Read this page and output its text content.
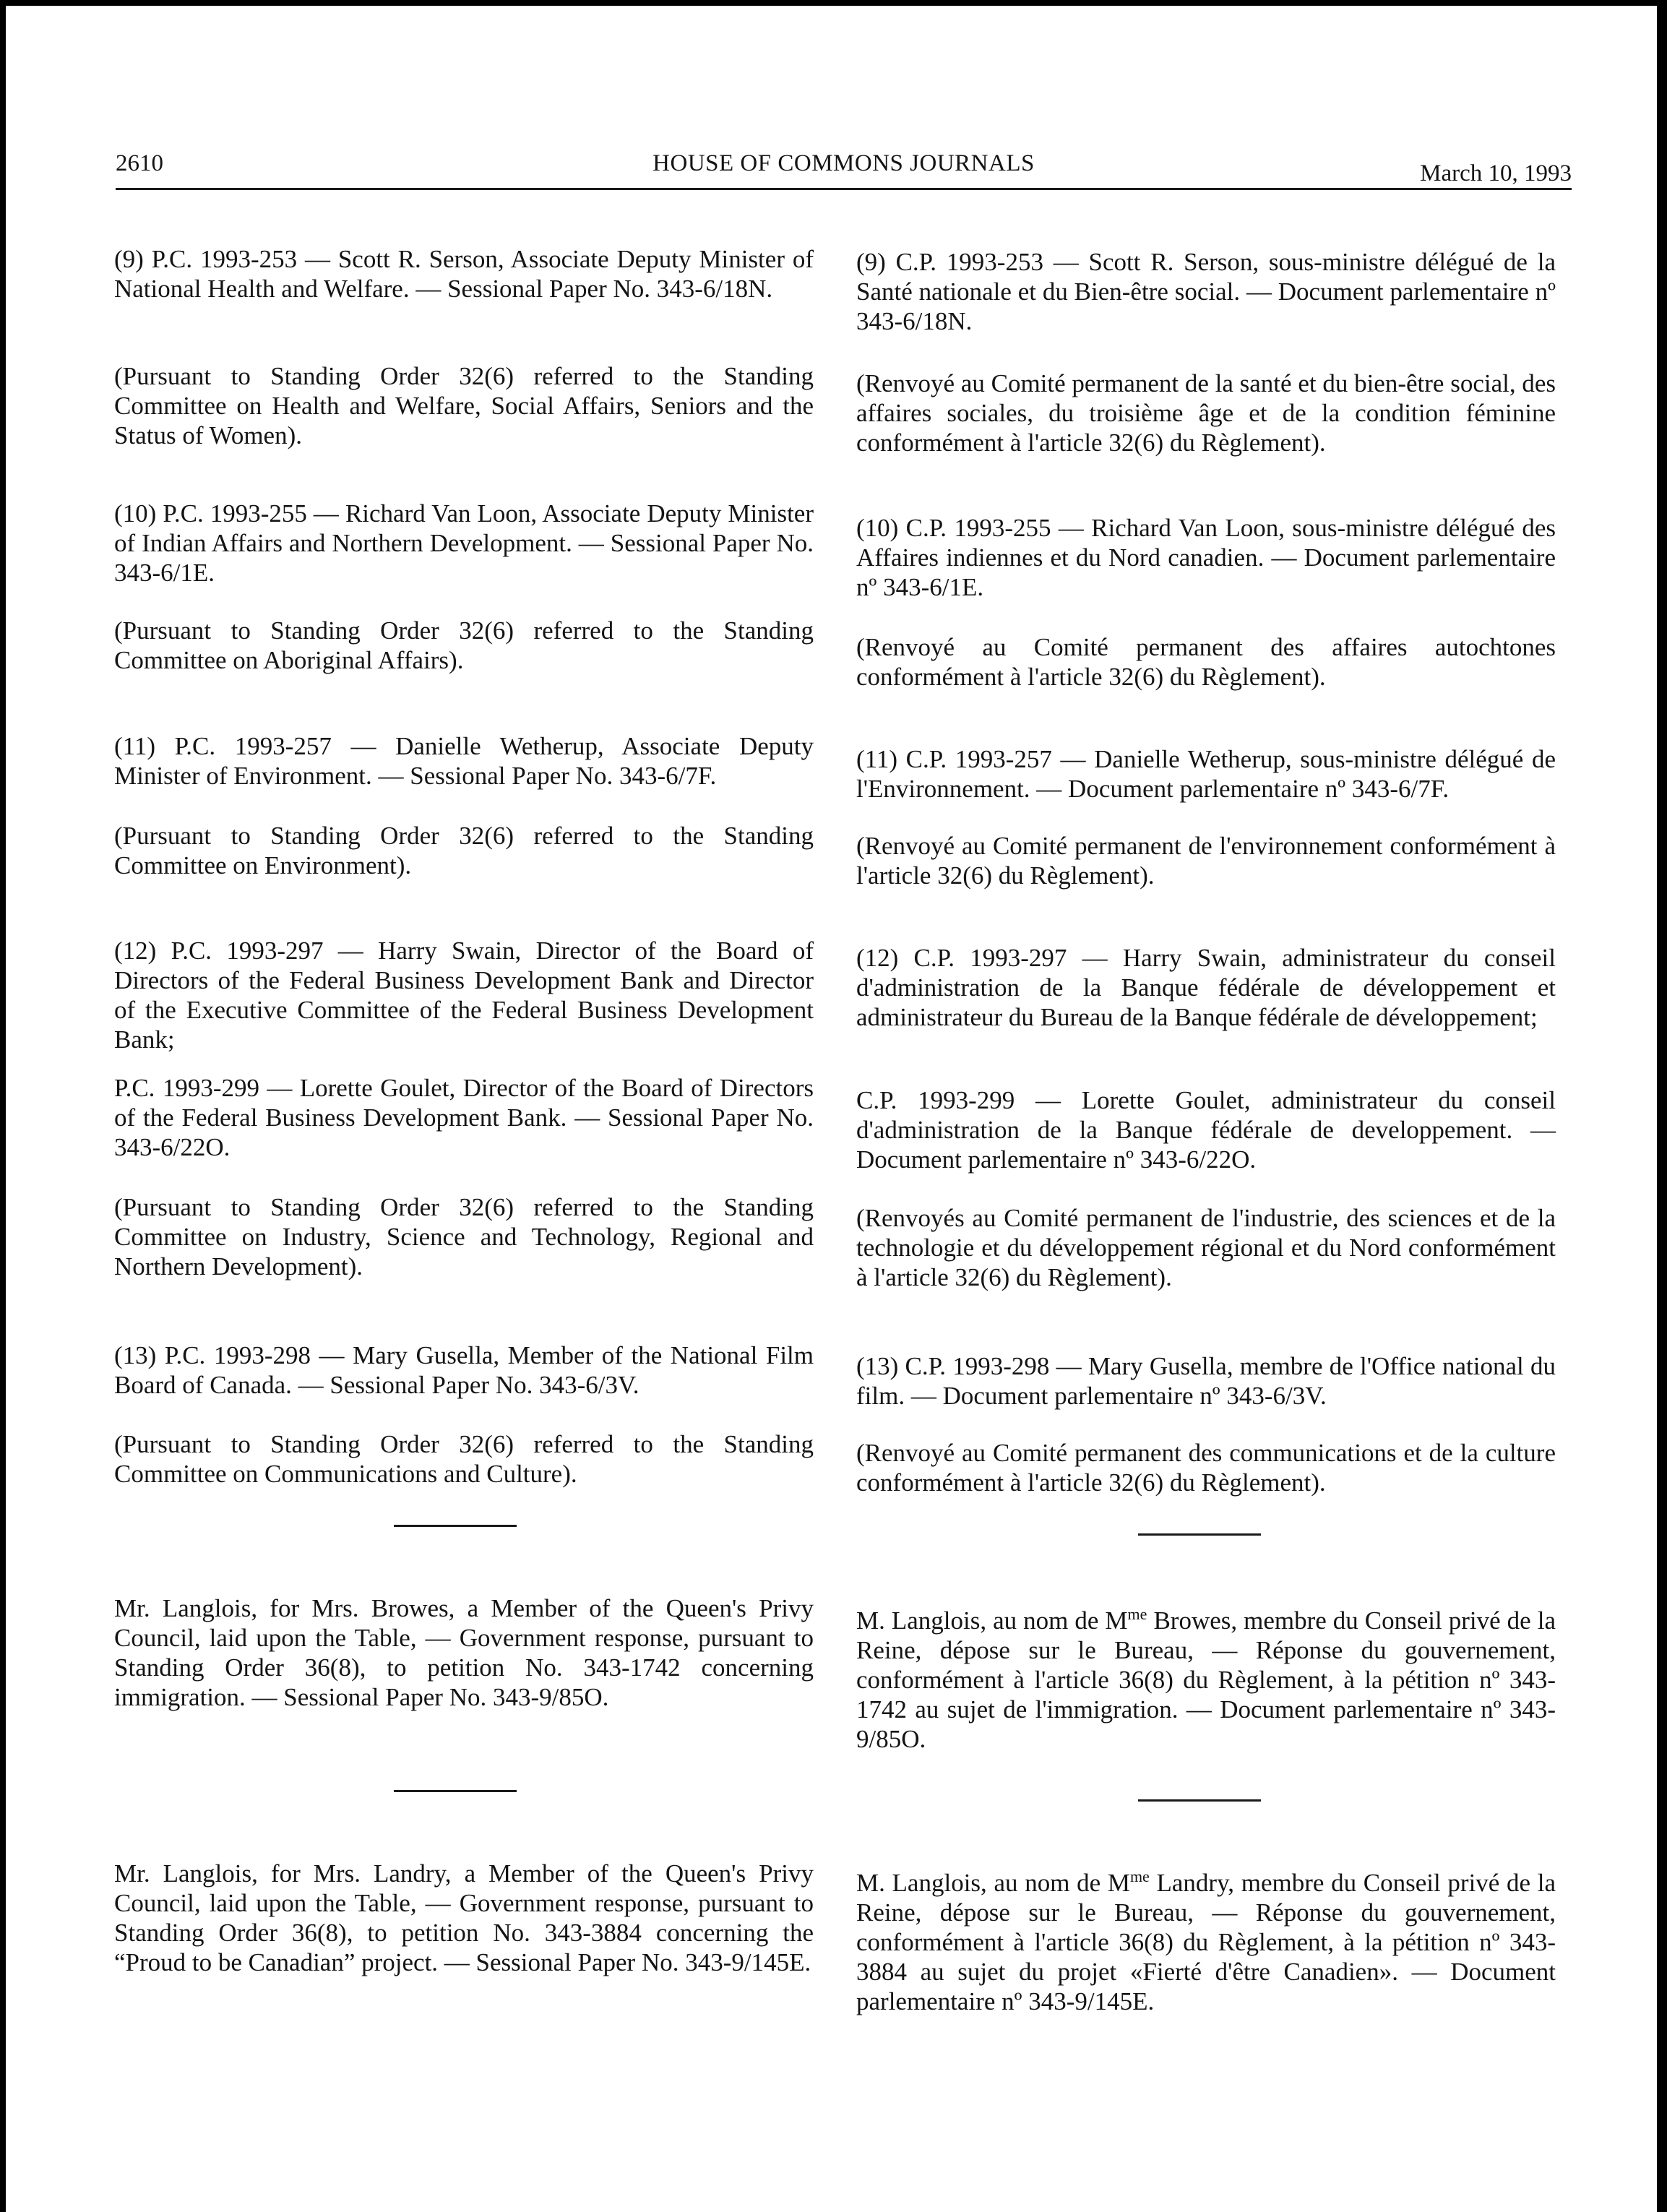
2610	HOUSE OF COMMONS JOURNALS	March 10, 1993

(9) P.C. 1993-253 — Scott R. Serson, Associate Deputy Minister of National Health and Welfare. — Sessional Paper No. 343-6/18N.

(Pursuant to Standing Order 32(6) referred to the Standing Committee on Health and Welfare, Social Affairs, Seniors and the Status of Women).

(10) P.C. 1993-255 — Richard Van Loon, Associate Deputy Minister of Indian Affairs and Northern Development. — Sessional Paper No. 343-6/1E.

(Pursuant to Standing Order 32(6) referred to the Standing Committee on Aboriginal Affairs).

(11) P.C. 1993-257 — Danielle Wetherup, Associate Deputy Minister of Environment. — Sessional Paper No. 343-6/7F.

(Pursuant to Standing Order 32(6) referred to the Standing Committee on Environment).

(12) P.C. 1993-297 — Harry Swain, Director of the Board of Directors of the Federal Business Development Bank and Director of the Executive Committee of the Federal Business Development Bank;

P.C. 1993-299 — Lorette Goulet, Director of the Board of Directors of the Federal Business Development Bank. — Sessional Paper No. 343-6/22O.

(Pursuant to Standing Order 32(6) referred to the Standing Committee on Industry, Science and Technology, Regional and Northern Development).

(13) P.C. 1993-298 — Mary Gusella, Member of the National Film Board of Canada. — Sessional Paper No. 343-6/3V.

(Pursuant to Standing Order 32(6) referred to the Standing Committee on Communications and Culture).

Mr. Langlois, for Mrs. Browes, a Member of the Queen's Privy Council, laid upon the Table, — Government response, pursuant to Standing Order 36(8), to petition No. 343-1742 concerning immigration. — Sessional Paper No. 343-9/85O.

Mr. Langlois, for Mrs. Landry, a Member of the Queen's Privy Council, laid upon the Table, — Government response, pursuant to Standing Order 36(8), to petition No. 343-3884 concerning the “Proud to be Canadian” project. — Sessional Paper No. 343-9/145E.

(9) C.P. 1993-253 — Scott R. Serson, sous-ministre délégué de la Santé nationale et du Bien-être social. — Document parlementaire nº 343-6/18N.

(Renvoyé au Comité permanent de la santé et du bien-être social, des affaires sociales, du troisième âge et de la condition féminine conformément à l'article 32(6) du Règlement).

(10) C.P. 1993-255 — Richard Van Loon, sous-ministre délégué des Affaires indiennes et du Nord canadien. — Document parlementaire nº 343-6/1E.

(Renvoyé au Comité permanent des affaires autochtones conformément à l'article 32(6) du Règlement).

(11) C.P. 1993-257 — Danielle Wetherup, sous-ministre délégué de l'Environnement. — Document parlementaire nº 343-6/7F.

(Renvoyé au Comité permanent de l'environnement conformément à l'article 32(6) du Règlement).

(12) C.P. 1993-297 — Harry Swain, administrateur du conseil d'administration de la Banque fédérale de développement et administrateur du Bureau de la Banque fédérale de développement;

C.P. 1993-299 — Lorette Goulet, administrateur du conseil d'administration de la Banque fédérale de developpement. — Document parlementaire nº 343-6/22O.

(Renvoyés au Comité permanent de l'industrie, des sciences et de la technologie et du développement régional et du Nord conformément à l'article 32(6) du Règlement).

(13) C.P. 1993-298 — Mary Gusella, membre de l'Office national du film. — Document parlementaire nº 343-6/3V.

(Renvoyé au Comité permanent des communications et de la culture conformément à l'article 32(6) du Règlement).

M. Langlois, au nom de $M^{me}$ Browes, membre du Conseil privé de la Reine, dépose sur le Bureau, — Réponse du gouvernement, conformément à l'article 36(8) du Règlement, à la pétition nº 343-1742 au sujet de l'immigration. — Document parlementaire nº 343-9/85O.

M. Langlois, au nom de $M^{me}$ Landry, membre du Conseil privé de la Reine, dépose sur le Bureau, — Réponse du gouvernement, conformément à l'article 36(8) du Règlement, à la pétition nº 343-3884 au sujet du projet «Fierté d'être Canadien». — Document parlementaire nº 343-9/145E.
